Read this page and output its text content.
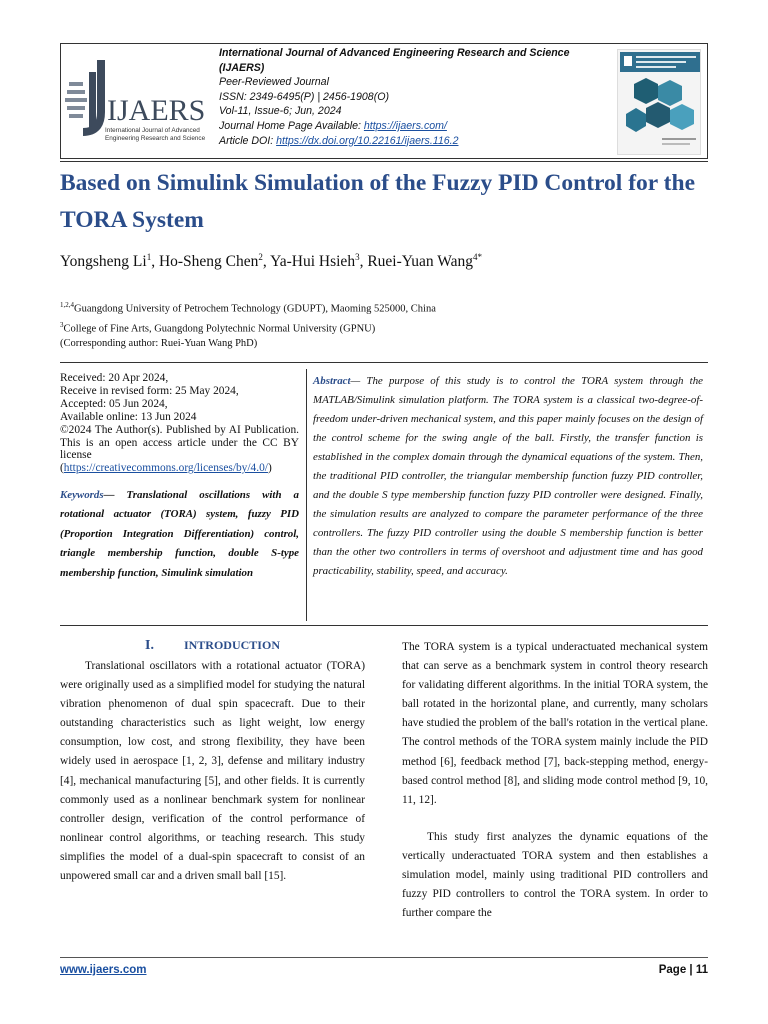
IJAERS
International Journal of Advanced
Engineering Research and Science
International Journal of Advanced Engineering Research and Science
(IJAERS)
Peer-Reviewed Journal
ISSN: 2349-6495(P) | 2456-1908(O)
Vol-11, Issue-6; Jun, 2024
Journal Home Page Available: https://ijaers.com/
Article DOI: https://dx.doi.org/10.22161/ijaers.116.2
Based on Simulink Simulation of the Fuzzy PID Control for the TORA System

Yongsheng Li$^1$, Ho-Sheng Chen$^2$, Ya-Hui Hsieh$^3$, Ruei-Yuan Wang$^{4*}$

$^{1,2,4}$Guangdong University of Petrochem Technology (GDUPT), Maoming 525000, China
$^3$College of Fine Arts, Guangdong Polytechnic Normal University (GPNU)
(Corresponding author: Ruei-Yuan Wang PhD)
Received: 20 Apr 2024,
Receive in revised form: 25 May 2024,
Accepted: 05 Jun 2024,
Available online: 13 Jun 2024
©2024 The Author(s). Published by AI Publication. This is an open access article under the CC BY license (https://creativecommons.org/licenses/by/4.0/)
Keywords— Translational oscillations with a rotational actuator (TORA) system, fuzzy PID (Proportion Integration Differentiation) control, triangle membership function, double S-type membership function, Simulink simulation

Abstract— The purpose of this study is to control the TORA system through the MATLAB/Simulink simulation platform. The TORA system is a classical two-degree-of-freedom under-driven mechanical system, and this paper mainly focuses on the design of the control scheme for the swing angle of the ball. Firstly, the transfer function is established in the complex domain through the dynamical equations of the system. Then, the traditional PID controller, the triangular membership function fuzzy PID controller, and the double S type membership function fuzzy PID controller were designed. Finally, the simulation results are analyzed to compare the parameter performance of the three controllers. The fuzzy PID controller using the double S membership function is better than the other two controllers in terms of overshoot and adjustment time and has good practicability, stability, speed, and accuracy.

I.	INTRODUCTION

Translational oscillators with a rotational actuator (TORA) were originally used as a simplified model for studying the natural vibration phenomenon of dual spin spacecraft. Due to their outstanding characteristics such as light weight, low energy consumption, low cost, and strong flexibility, they have been widely used in aerospace [1, 2, 3], defense and military industry [4], mechanical manufacturing [5], and other fields. It is currently commonly used as a nonlinear benchmark system for nonlinear controller design, verification of the control performance of nonlinear control algorithms, or teaching research. This study simplifies the model of a dual-spin spacecraft to consist of an unpowered small car and a driven small ball [15].

The TORA system is a typical underactuated mechanical system that can serve as a benchmark system in control theory research for validating different algorithms. In the initial TORA system, the ball rotated in the horizontal plane, and currently, many scholars have studied the problem of the ball's rotation in the vertical plane. The control methods of the TORA system mainly include the PID method [6], feedback method [7], back-stepping method, energy-based control method [8], and sliding mode control method [9, 10, 11, 12].

This study first analyzes the dynamic equations of the vertically underactuated TORA system and then establishes a simulation model, mainly using traditional PID controllers and fuzzy PID controllers to control the TORA system. In order to further compare the

www.ijaers.com	Page | 11
